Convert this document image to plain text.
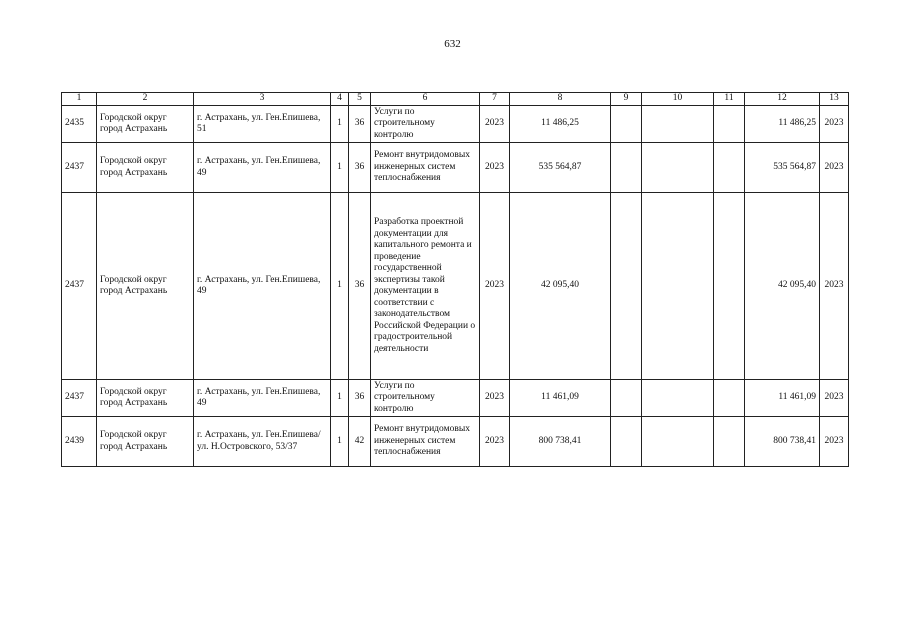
632
1	2	3	4	5	6	7	8	9	10	11	12	13
2435	Городской округ город Астрахань	г. Астрахань, ул. Ген.Епишева, 51	1	36	Услуги по строительному контролю	2023	11 486,25				11 486,25	2023
2437	Городской округ город Астрахань	г. Астрахань, ул. Ген.Епишева, 49	1	36	Ремонт внутридомовых инженерных систем теплоснабжения	2023	535 564,87				535 564,87	2023
2437	Городской округ город Астрахань	г. Астрахань, ул. Ген.Епишева, 49	1	36	Разработка проектной документации для капитального ремонта и проведение государственной экспертизы такой документации в соответствии с законодательством Российской Федерации о градостроительной деятельности	2023	42 095,40				42 095,40	2023
2437	Городской округ город Астрахань	г. Астрахань, ул. Ген.Епишева, 49	1	36	Услуги по строительному контролю	2023	11 461,09				11 461,09	2023
2439	Городской округ город Астрахань	г. Астрахань, ул. Ген.Епишева/ ул. Н.Островского, 53/37	1	42	Ремонт внутридомовых инженерных систем теплоснабжения	2023	800 738,41				800 738,41	2023
